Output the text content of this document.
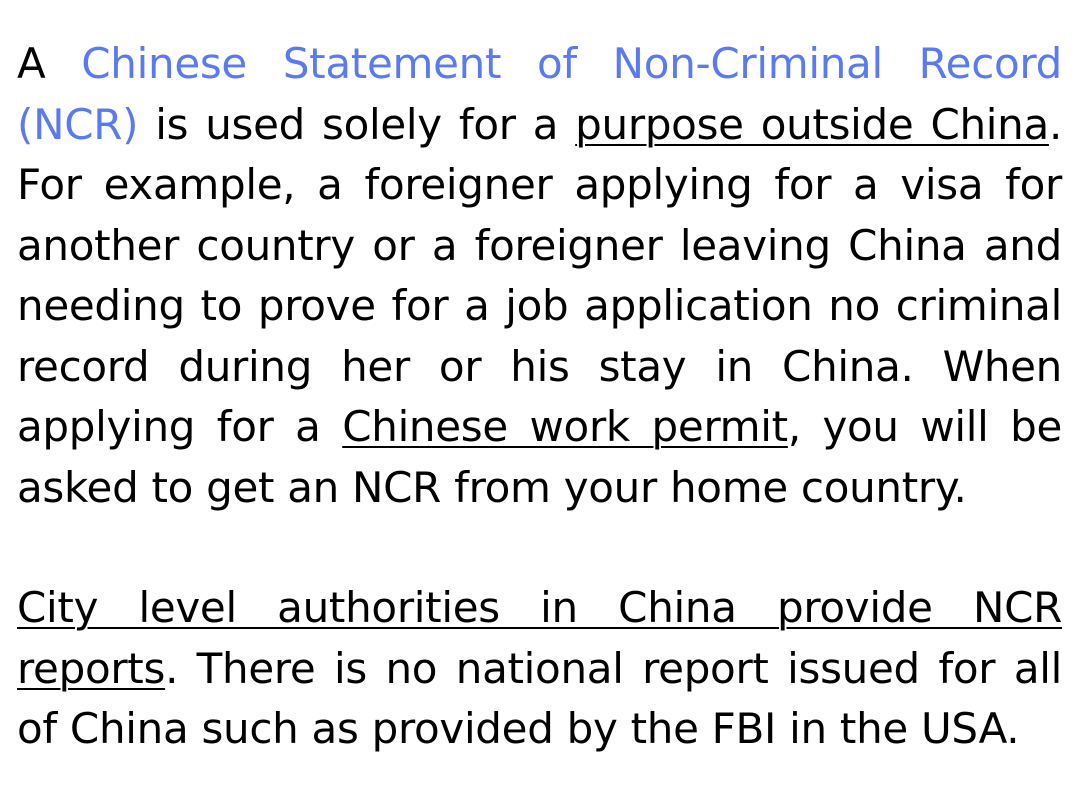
A Chinese Statement of Non-Criminal Record (NCR) is used solely for a purpose outside China. For example, a foreigner applying for a visa for another country or a foreigner leaving China and needing to prove for a job application no criminal record during her or his stay in China. When applying for a Chinese work permit, you will be asked to get an NCR from your home country.

City level authorities in China provide NCR reports. There is no national report issued for all of China such as provided by the FBI in the USA.
